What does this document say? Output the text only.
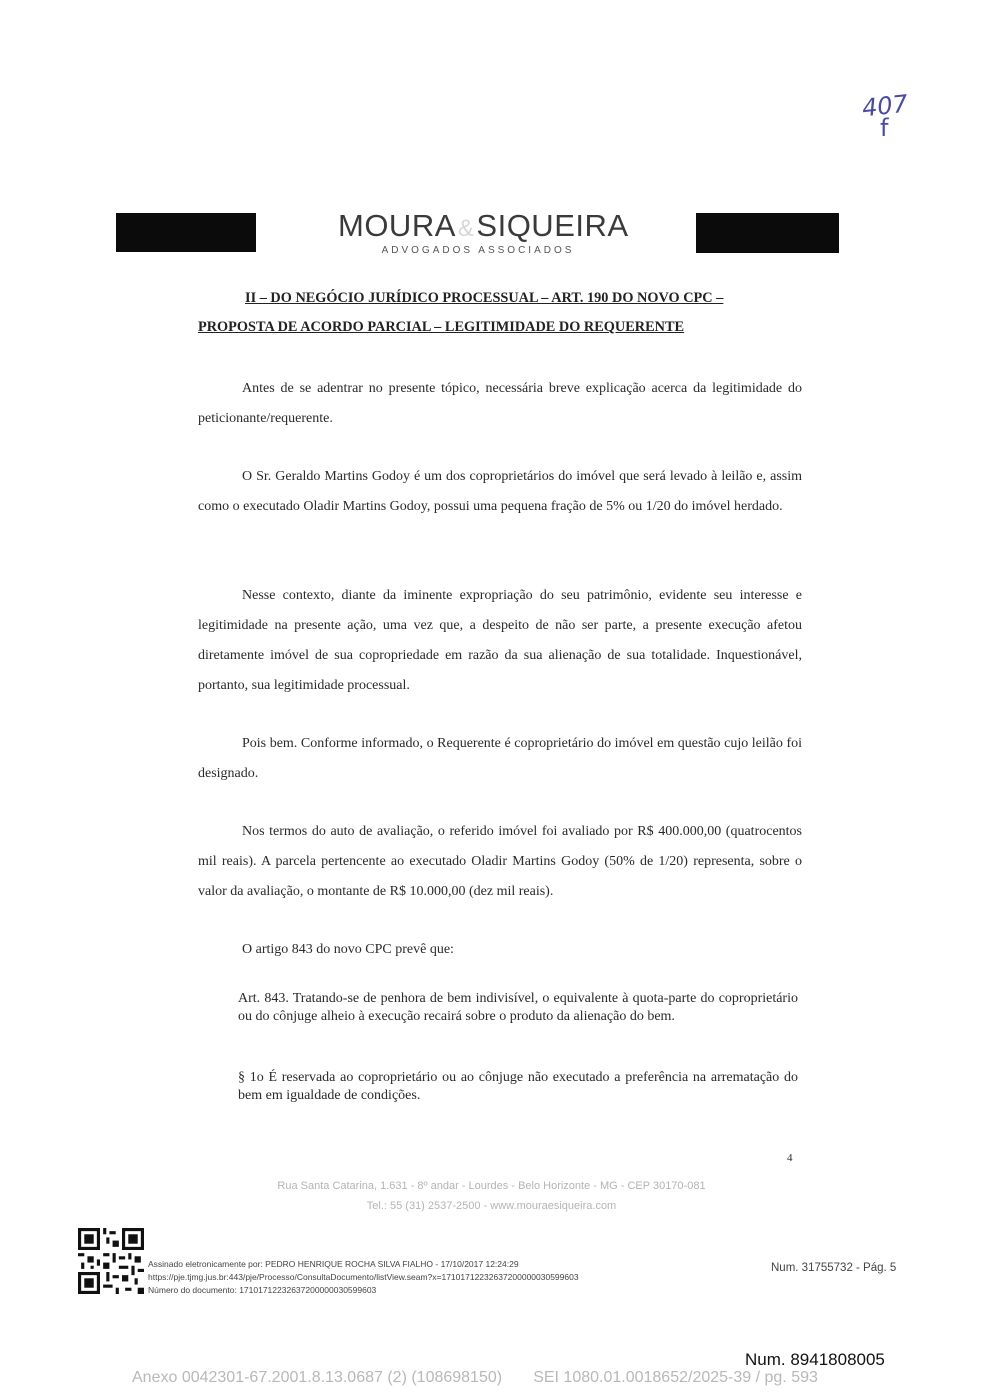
407
f
MOURA&SIQUEIRA
ADVOGADOS ASSOCIADOS
II – DO NEGÓCIO JURÍDICO PROCESSUAL – ART. 190 DO NOVO CPC –
PROPOSTA DE ACORDO PARCIAL – LEGITIMIDADE DO REQUERENTE
Antes de se adentrar no presente tópico, necessária breve explicação acerca da legitimidade do peticionante/requerente.
O Sr. Geraldo Martins Godoy é um dos coproprietários do imóvel que será levado à leilão e, assim como o executado Oladir Martins Godoy, possui uma pequena fração de 5% ou 1/20 do imóvel herdado.
Nesse contexto, diante da iminente expropriação do seu patrimônio, evidente seu interesse e legitimidade na presente ação, uma vez que, a despeito de não ser parte, a presente execução afetou diretamente imóvel de sua copropriedade em razão da sua alienação de sua totalidade. Inquestionável, portanto, sua legitimidade processual.
Pois bem. Conforme informado, o Requerente é coproprietário do imóvel em questão cujo leilão foi designado.
Nos termos do auto de avaliação, o referido imóvel foi avaliado por R$ 400.000,00 (quatrocentos mil reais). A parcela pertencente ao executado Oladir Martins Godoy (50% de 1/20) representa, sobre o valor da avaliação, o montante de R$ 10.000,00 (dez mil reais).
O artigo 843 do novo CPC prevê que:
Art. 843. Tratando-se de penhora de bem indivisível, o equivalente à quota-parte do coproprietário ou do cônjuge alheio à execução recairá sobre o produto da alienação do bem.
§ 1o É reservada ao coproprietário ou ao cônjuge não executado a preferência na arrematação do bem em igualdade de condições.
4
Rua Santa Catarina, 1.631 - 8º andar - Lourdes - Belo Horizonte - MG - CEP 30170-081
Tel.: 55 (31) 2537-2500 - www.mouraesiqueira.com
Assinado eletronicamente por: PEDRO HENRIQUE ROCHA SILVA FIALHO - 17/10/2017 12:24:29
https://pje.tjmg.jus.br:443/pje/Processo/ConsultaDocumento/listView.seam?x=17101712232637200000030599603
Número do documento: 17101712232637200000030599603
Num. 31755732 - Pág. 5
Num. 8941808005
Anexo 0042301-67.2001.8.13.0687 (2) (108698150)       SEI 1080.01.0018652/2025-39 / pg. 593
